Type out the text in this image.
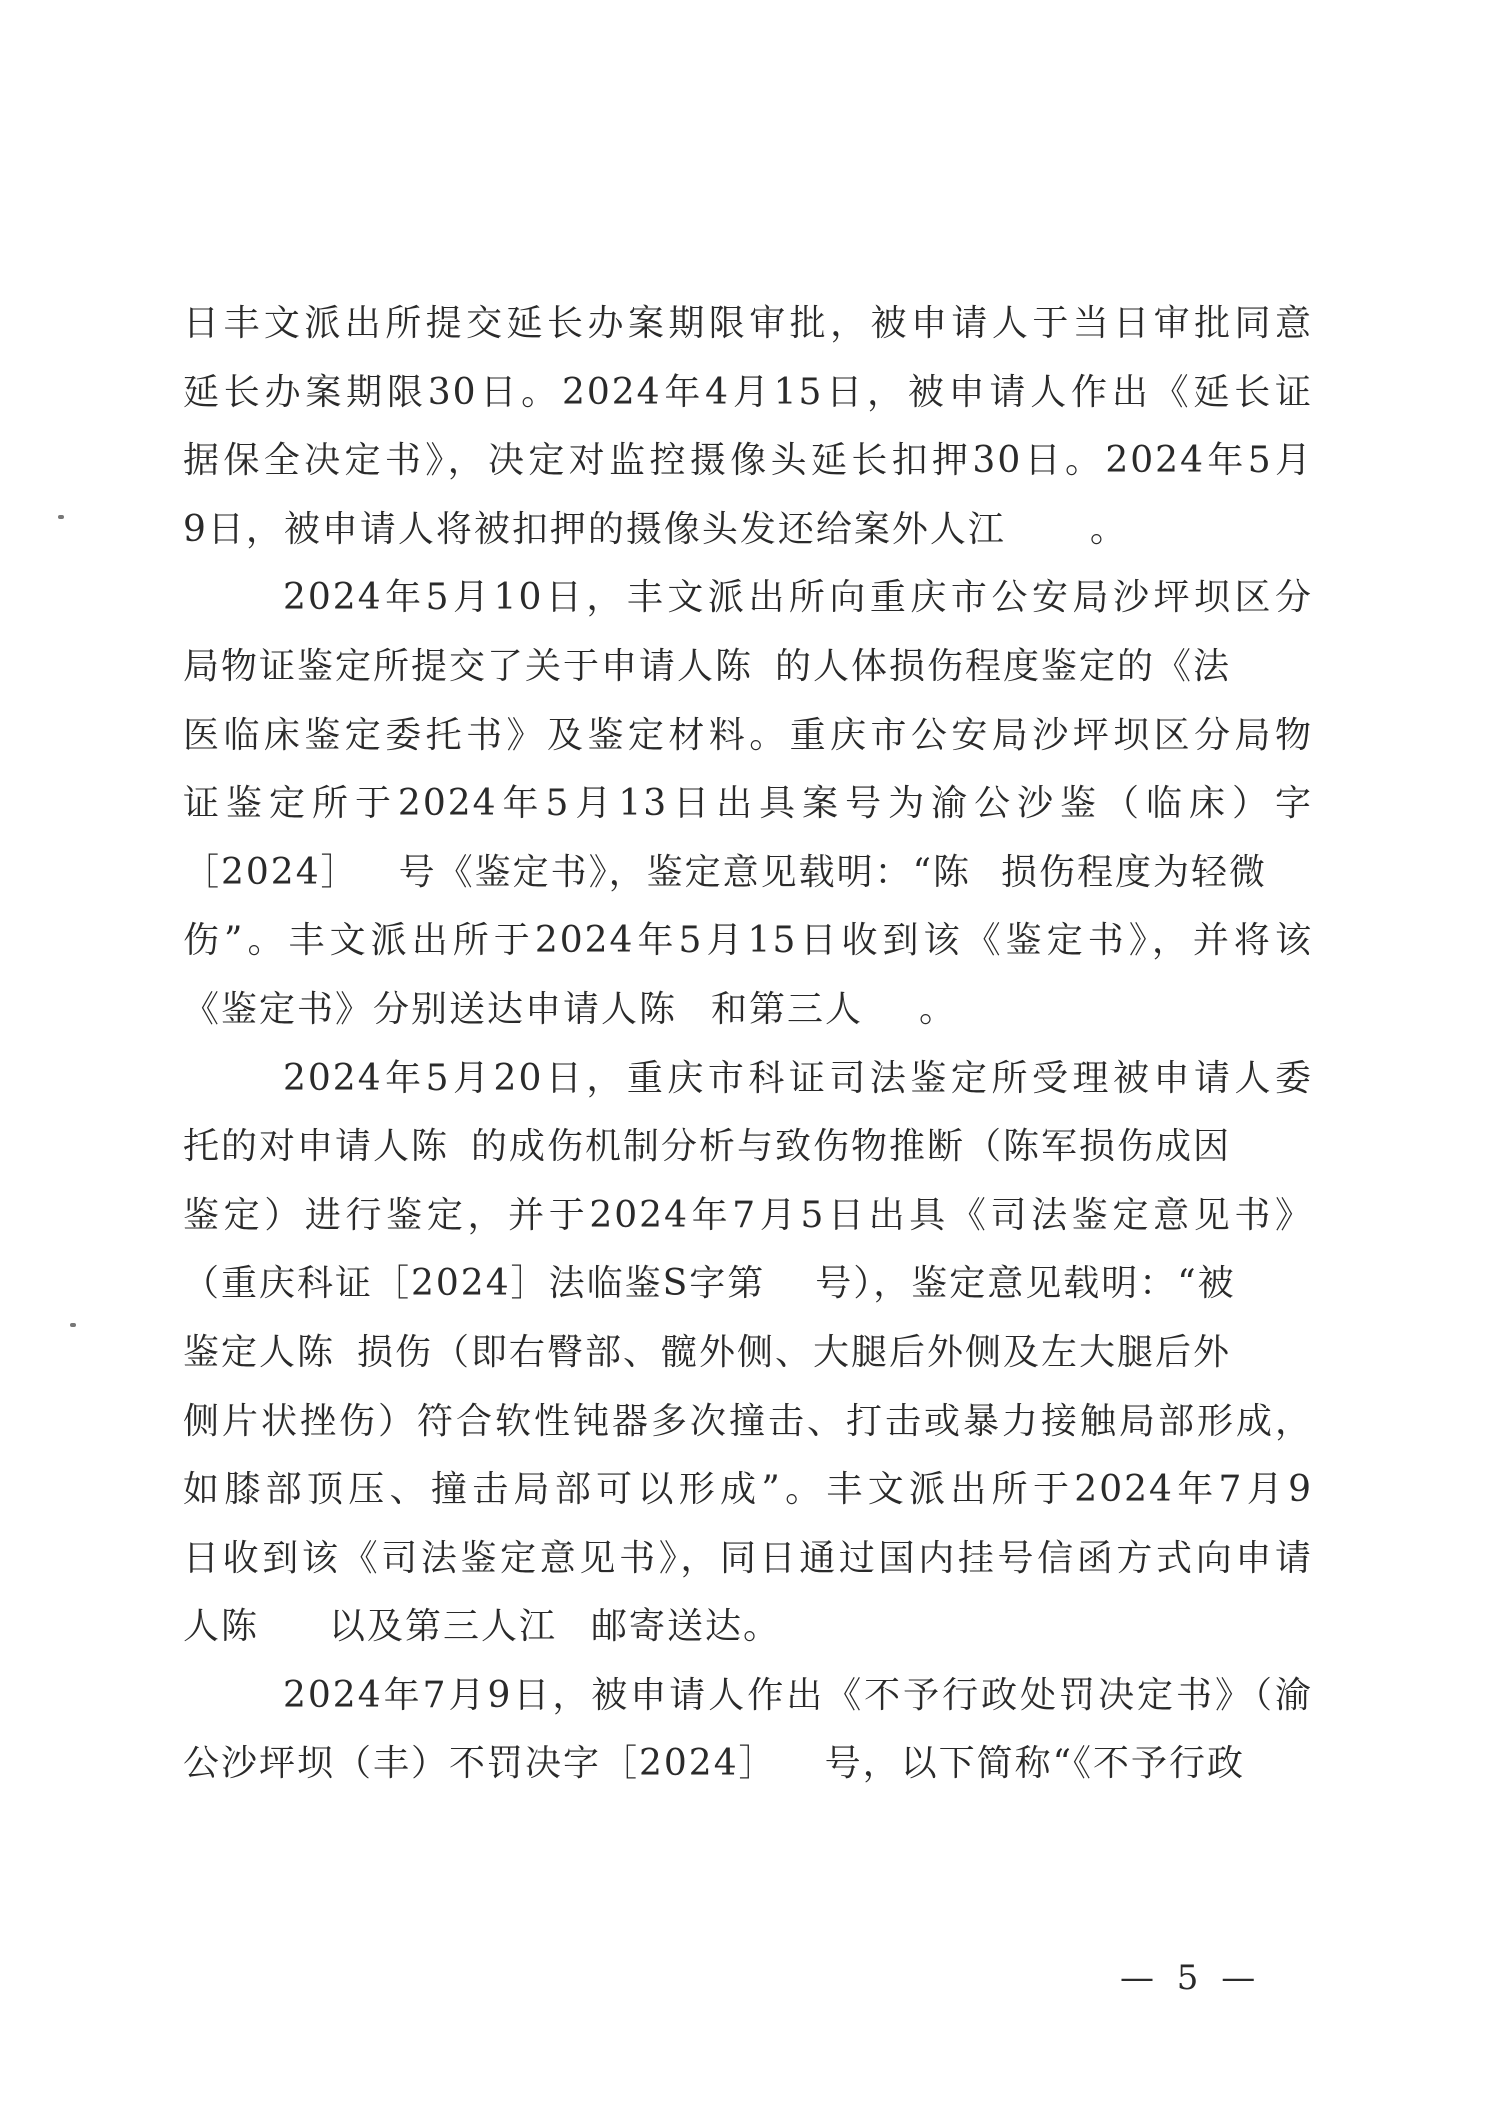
日丰文派出所提交延长办案期限审批，被申请人于当日审批同意
延长办案期限30日。2024年4月15日，被申请人作出《延长证
据保全决定书》，决定对监控摄像头延长扣押30日。2024年5月
9日，被申请人将被扣押的摄像头发还给案外人江 。
2024年5月10日，丰文派出所向重庆市公安局沙坪坝区分
局物证鉴定所提交了关于申请人陈 的人体损伤程度鉴定的《法
医临床鉴定委托书》及鉴定材料。重庆市公安局沙坪坝区分局物
证鉴定所于2024年5月13日出具案号为渝公沙鉴（临床）字
［2024］ 号《鉴定书》，鉴定意见载明：“陈 损伤程度为轻微
伤”。丰文派出所于2024年5月15日收到该《鉴定书》，并将该
《鉴定书》分别送达申请人陈 和第三人 。
2024年5月20日，重庆市科证司法鉴定所受理被申请人委
托的对申请人陈 的成伤机制分析与致伤物推断（陈军损伤成因
鉴定）进行鉴定，并于2024年7月5日出具《司法鉴定意见书》
（重庆科证［2024］法临鉴S字第 号），鉴定意见载明：“被
鉴定人陈 损伤（即右臀部、髋外侧、大腿后外侧及左大腿后外
侧片状挫伤）符合软性钝器多次撞击、打击或暴力接触局部形成，
如膝部顶压、撞击局部可以形成”。丰文派出所于2024年7月9
日收到该《司法鉴定意见书》，同日通过国内挂号信函方式向申请
人陈 以及第三人江 邮寄送达。
2024年7月9日，被申请人作出《不予行政处罚决定书》（渝
公沙坪坝（丰）不罚决字［2024］ 号，以下简称“《不予行政
— 5 —
